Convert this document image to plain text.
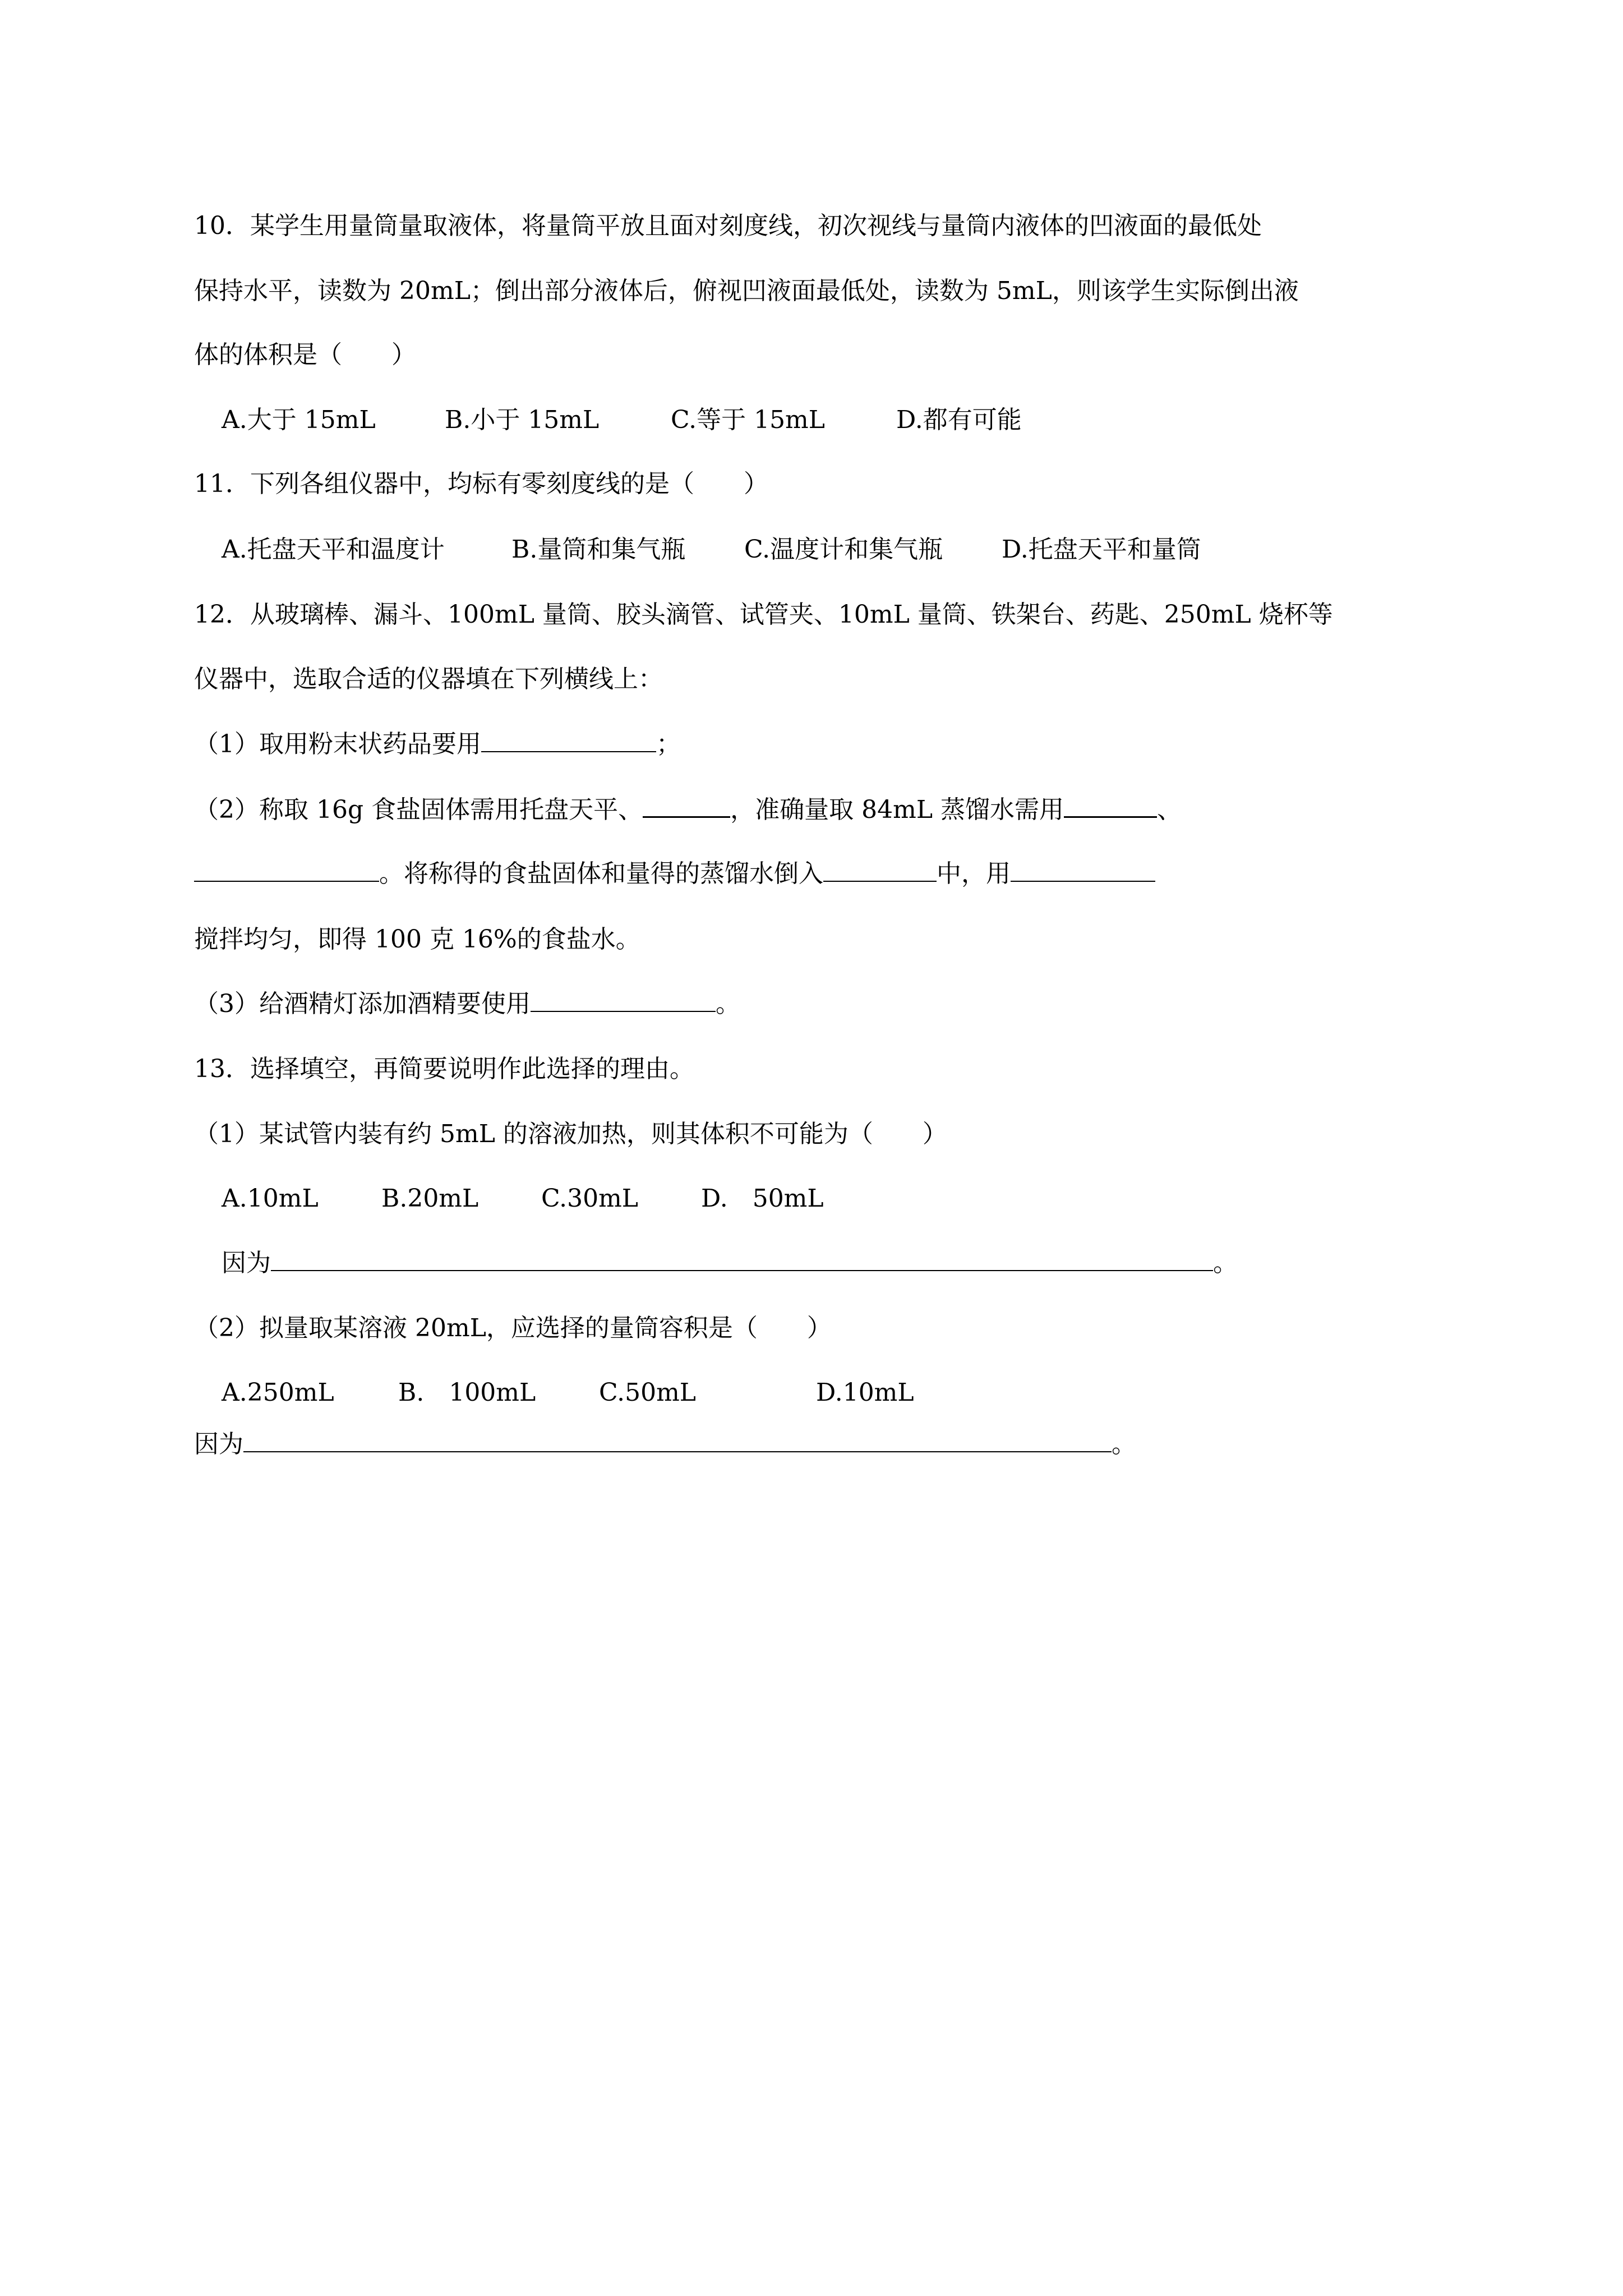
10．某学生用量筒量取液体，将量筒平放且面对刻度线，初次视线与量筒内液体的凹液面的最低处
保持水平，读数为 20mL；倒出部分液体后，俯视凹液面最低处，读数为 5mL，则该学生实际倒出液
体的体积是（　　）
A.大于 15mL	B.小于 15mL	C.等于 15mL	D.都有可能
11．下列各组仪器中，均标有零刻度线的是（　　）
A.托盘天平和温度计	B.量筒和集气瓶 C.温度计和集气瓶 D.托盘天平和量筒
12．从玻璃棒、漏斗、100mL 量筒、胶头滴管、试管夹、10mL 量筒、铁架台、药匙、250mL 烧杯等
仪器中，选取合适的仪器填在下列横线上：
（1）取用粉末状药品要用	；
（2）称取 16g 食盐固体需用托盘天平、	，准确量取 84mL 蒸馏水需用	、
。将称得的食盐固体和量得的蒸馏水倒入	中，用
搅拌均匀，即得 100 克 16%的食盐水。
（3）给酒精灯添加酒精要使用	。
13．选择填空，再简要说明作此选择的理由。
（1）某试管内装有约 5mL 的溶液加热，则其体积不可能为（　　）
A.10mL	B.20mL	C.30mL	D.　50mL
因为	。
（2）拟量取某溶液 20mL，应选择的量筒容积是（　　）
A.250mL	B.　100mL	C.50mL	D.10mL
因为	。
